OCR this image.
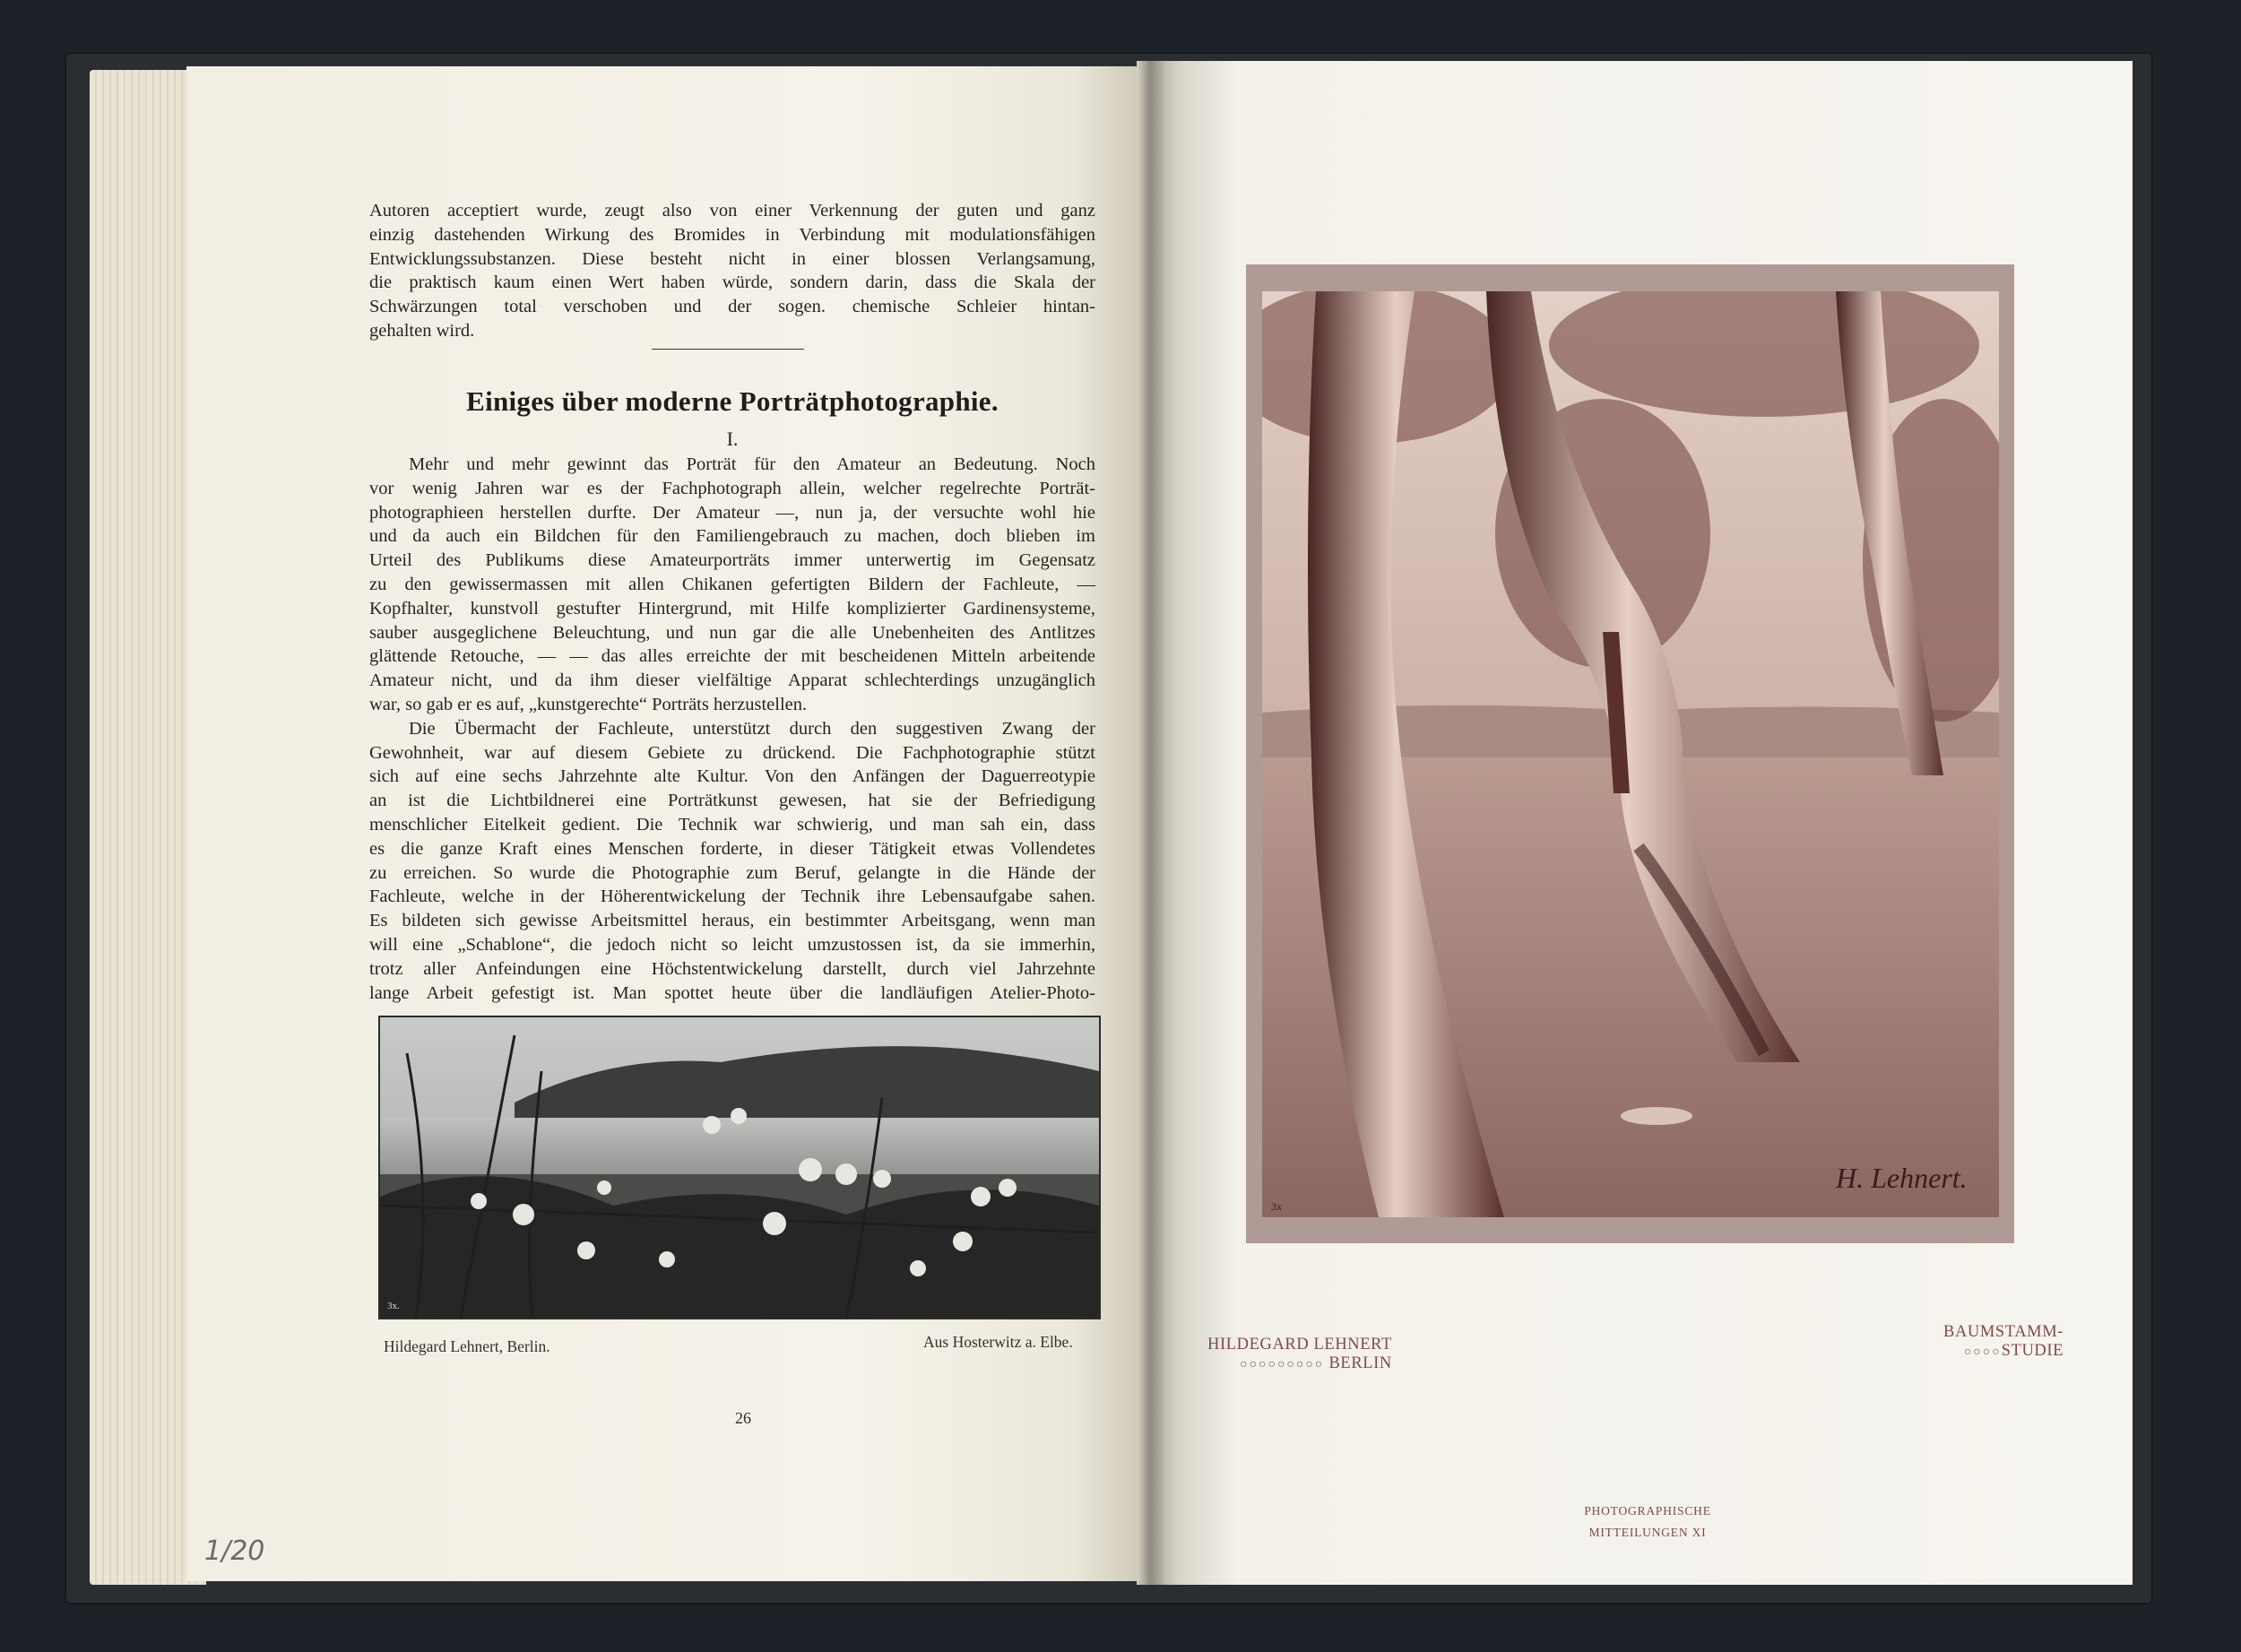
Autoren acceptiert wurde, zeugt also von einer Verkennung der guten und ganz
einzig dastehenden Wirkung des Bromides in Verbindung mit modulationsfähigen
Entwicklungssubstanzen. Diese besteht nicht in einer blossen Verlangsamung,
die praktisch kaum einen Wert haben würde, sondern darin, dass die Skala der
Schwärzungen total verschoben und der sogen. chemische Schleier hintan-
gehalten wird.
Einiges über moderne Porträtphotographie.
I.
Mehr und mehr gewinnt das Porträt für den Amateur an Bedeutung. Noch
vor wenig Jahren war es der Fachphotograph allein, welcher regelrechte Porträt-
photographieen herstellen durfte. Der Amateur —, nun ja, der versuchte wohl hie
und da auch ein Bildchen für den Familiengebrauch zu machen, doch blieben im
Urteil des Publikums diese Amateurporträts immer unterwertig im Gegensatz
zu den gewissermassen mit allen Chikanen gefertigten Bildern der Fachleute, —
Kopfhalter, kunstvoll gestufter Hintergrund, mit Hilfe komplizierter Gardinensysteme,
sauber ausgeglichene Beleuchtung, und nun gar die alle Unebenheiten des Antlitzes
glättende Retouche, — — das alles erreichte der mit bescheidenen Mitteln arbeitende
Amateur nicht, und da ihm dieser vielfältige Apparat schlechterdings unzugänglich
war, so gab er es auf, „kunstgerechte“ Porträts herzustellen.
Die Übermacht der Fachleute, unterstützt durch den suggestiven Zwang der
Gewohnheit, war auf diesem Gebiete zu drückend. Die Fachphotographie stützt
sich auf eine sechs Jahrzehnte alte Kultur. Von den Anfängen der Daguerreotypie
an ist die Lichtbildnerei eine Porträtkunst gewesen, hat sie der Befriedigung
menschlicher Eitelkeit gedient. Die Technik war schwierig, und man sah ein, dass
es die ganze Kraft eines Menschen forderte, in dieser Tätigkeit etwas Vollendetes
zu erreichen. So wurde die Photographie zum Beruf, gelangte in die Hände der
Fachleute, welche in der Höherentwickelung der Technik ihre Lebensaufgabe sahen.
Es bildeten sich gewisse Arbeitsmittel heraus, ein bestimmter Arbeitsgang, wenn man
will eine „Schablone“, die jedoch nicht so leicht umzustossen ist, da sie immerhin,
trotz aller Anfeindungen eine Höchstentwickelung darstellt, durch viel Jahrzehnte
lange Arbeit gefestigt ist. Man spottet heute über die landläufigen Atelier-Photo-
3x.
Hildegard Lehnert, Berlin.	Aus Hosterwitz a. Elbe.
26
1/20
H. Lehnert.
3x
HILDEGARD LEHNERT
○○○○○○○○○ BERLIN
BAUMSTAMM-
○○○○STUDIE
PHOTOGRAPHISCHE
MITTEILUNGEN XI
